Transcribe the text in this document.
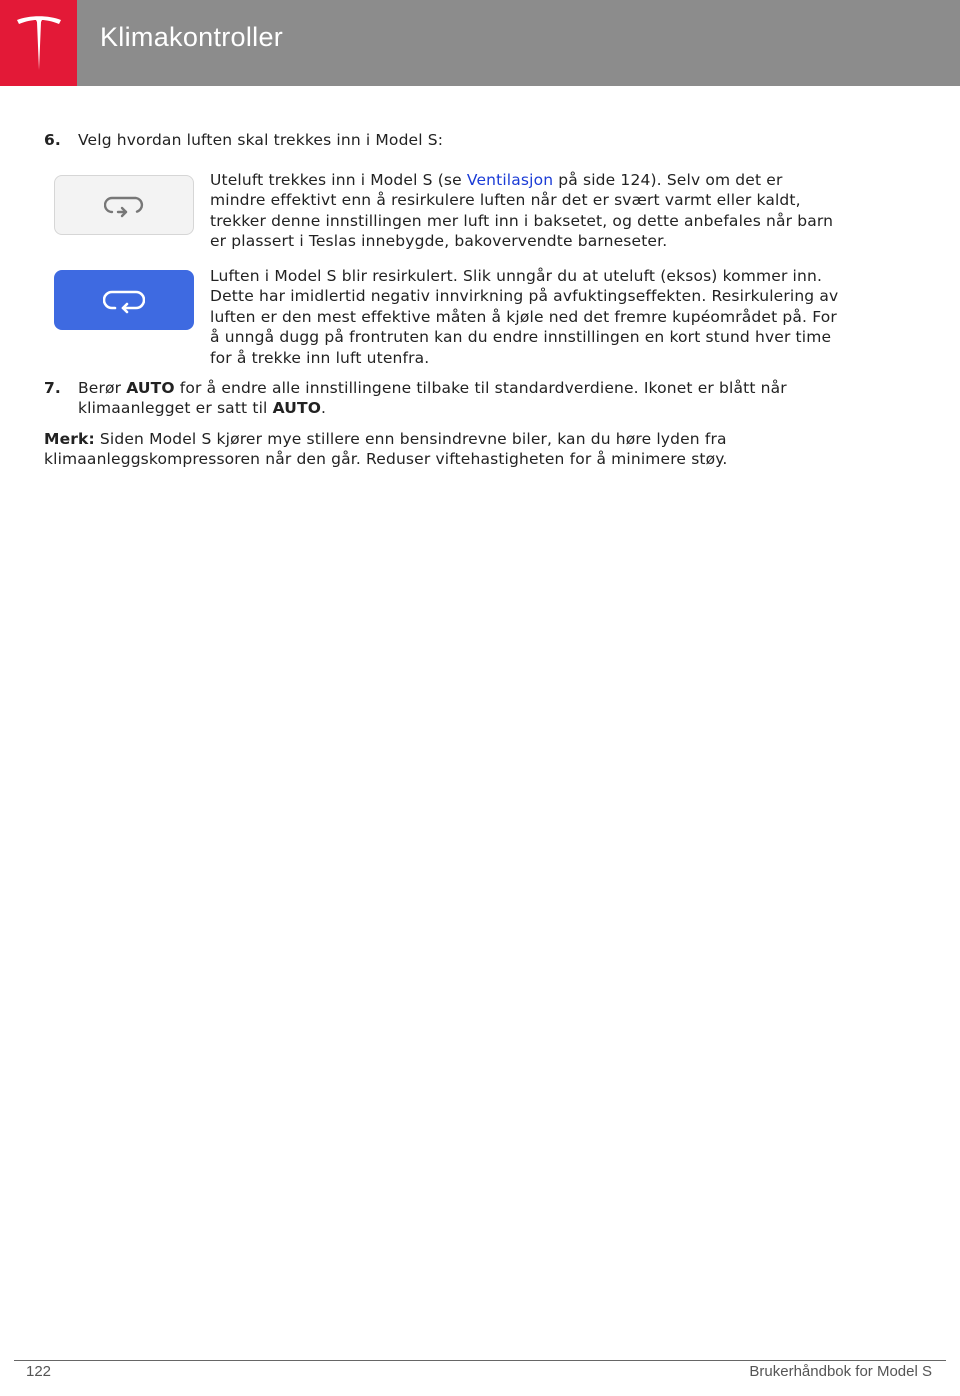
Klimakontroller
6. Velg hvordan luften skal trekkes inn i Model S:
Uteluft trekkes inn i Model S (se Ventilasjon på side 124). Selv om det er mindre effektivt enn å resirkulere luften når det er svært varmt eller kaldt, trekker denne innstillingen mer luft inn i baksetet, og dette anbefales når barn er plassert i Teslas innebygde, bakovervendte barneseter.
Luften i Model S blir resirkulert. Slik unngår du at uteluft (eksos) kommer inn. Dette har imidlertid negativ innvirkning på avfuktingseffekten. Resirkulering av luften er den mest effektive måten å kjøle ned det fremre kupéområdet på. For å unngå dugg på frontruten kan du endre innstillingen en kort stund hver time for å trekke inn luft utenfra.
7. Berør AUTO for å endre alle innstillingene tilbake til standardverdiene. Ikonet er blått når klimaanlegget er satt til AUTO.
Merk: Siden Model S kjører mye stillere enn bensindrevne biler, kan du høre lyden fra klimaanleggskompressoren når den går. Reduser viftehastigheten for å minimere støy.
122	Brukerhåndbok for Model S
